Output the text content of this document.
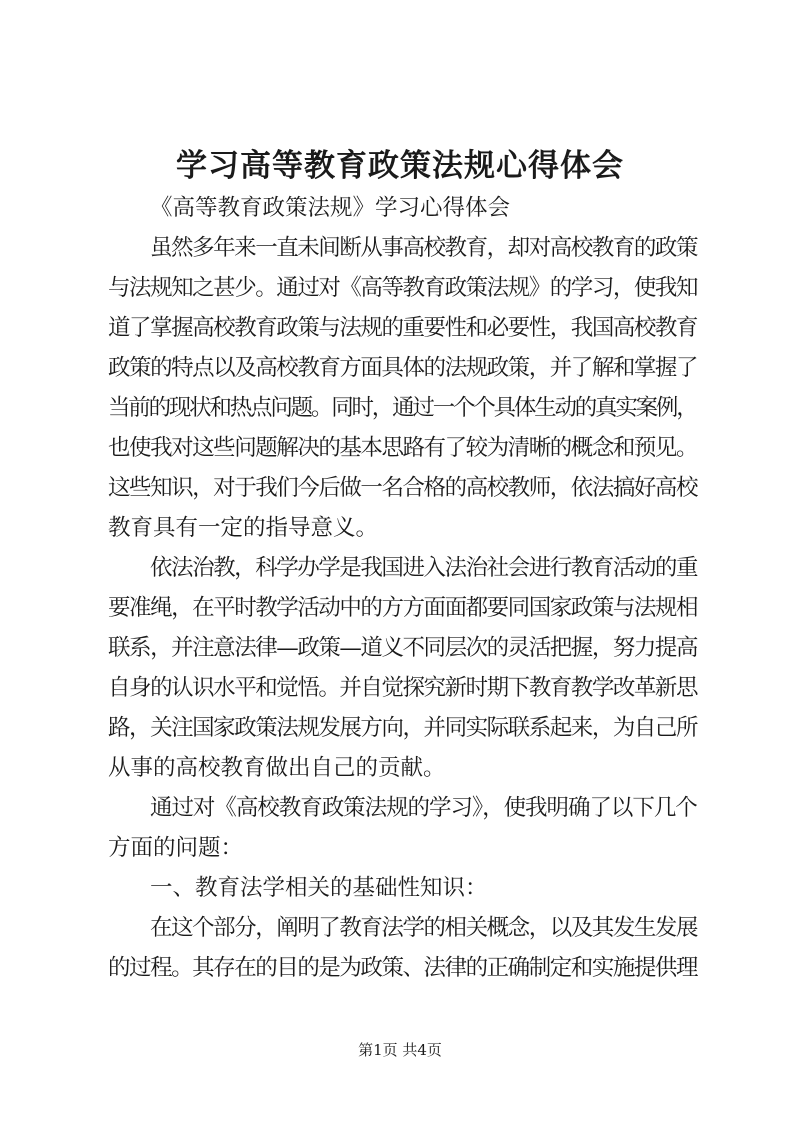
学习高等教育政策法规心得体会
《高等教育政策法规》学习心得体会
虽然多年来一直未间断从事高校教育，却对高校教育的政策
与法规知之甚少。通过对《高等教育政策法规》的学习，使我知
道了掌握高校教育政策与法规的重要性和必要性，我国高校教育
政策的特点以及高校教育方面具体的法规政策，并了解和掌握了
当前的现状和热点问题。同时，通过一个个具体生动的真实案例，
也使我对这些问题解决的基本思路有了较为清晰的概念和预见。
这些知识，对于我们今后做一名合格的高校教师，依法搞好高校
教育具有一定的指导意义。
依法治教，科学办学是我国进入法治社会进行教育活动的重
要准绳，在平时教学活动中的方方面面都要同国家政策与法规相
联系，并注意法律—政策—道义不同层次的灵活把握，努力提高
自身的认识水平和觉悟。并自觉探究新时期下教育教学改革新思
路，关注国家政策法规发展方向，并同实际联系起来，为自己所
从事的高校教育做出自己的贡献。
通过对《高校教育政策法规的学习》，使我明确了以下几个
方面的问题：
一、教育法学相关的基础性知识：
在这个部分，阐明了教育法学的相关概念，以及其发生发展
的过程。其存在的目的是为政策、法律的正确制定和实施提供理
第1页 共4页
